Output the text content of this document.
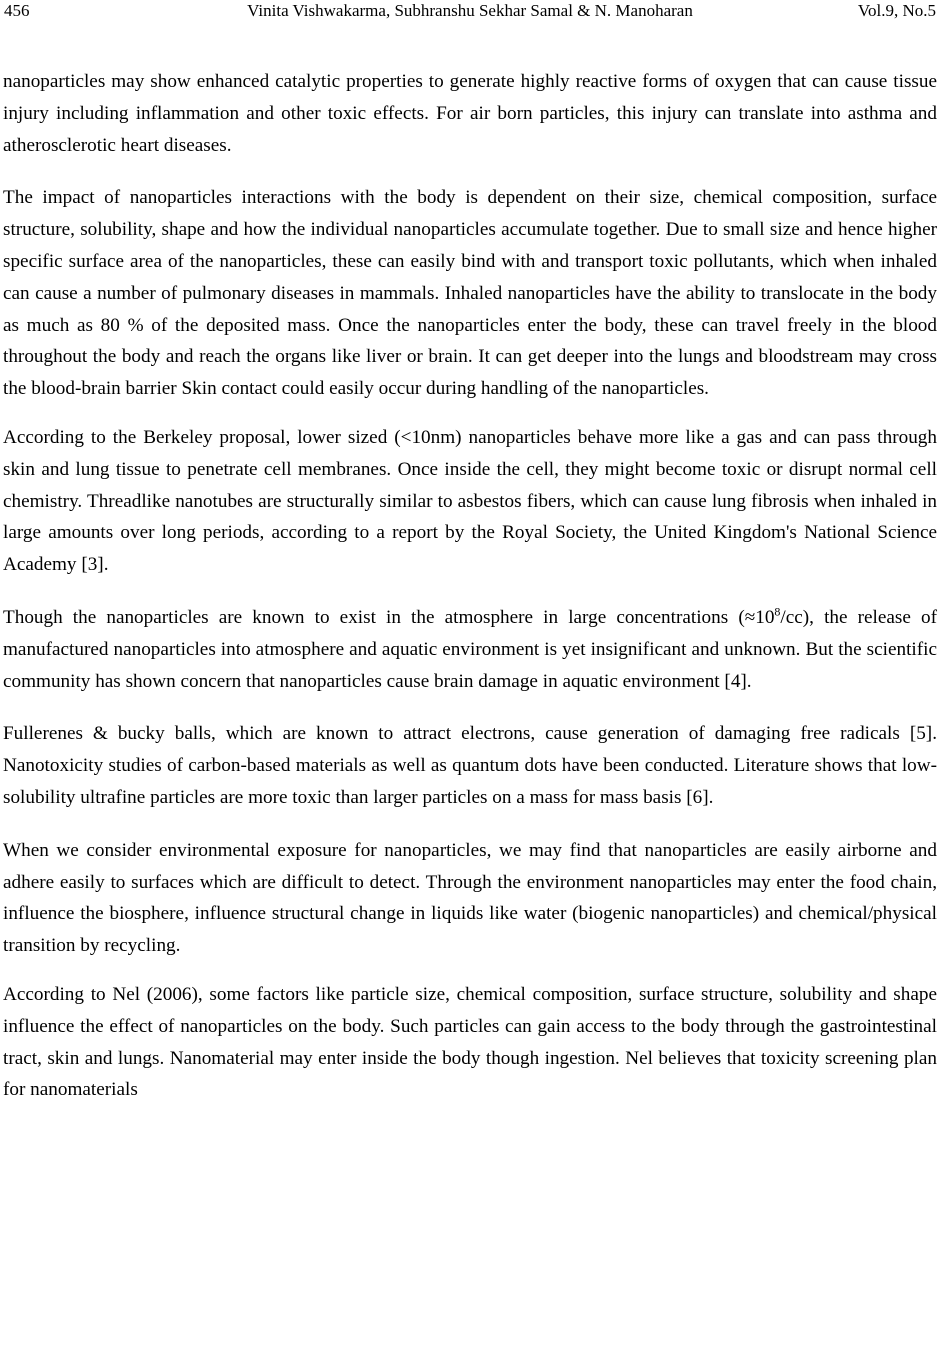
456	Vinita Vishwakarma, Subhranshu Sekhar Samal & N. Manoharan	Vol.9, No.5

nanoparticles may show enhanced catalytic properties to generate highly reactive forms of oxygen that can cause tissue injury including inflammation and other toxic effects. For air born particles, this injury can translate into asthma and atherosclerotic heart diseases.

The impact of nanoparticles interactions with the body is dependent on their size, chemical composition, surface structure, solubility, shape and how the individual nanoparticles accumulate together. Due to small size and hence higher specific surface area of the nanoparticles, these can easily bind with and transport toxic pollutants, which when inhaled can cause a number of pulmonary diseases in mammals. Inhaled nanoparticles have the ability to translocate in the body as much as 80 % of the deposited mass. Once the nanoparticles enter the body, these can travel freely in the blood throughout the body and reach the organs like liver or brain. It can get deeper into the lungs and bloodstream may cross the blood-brain barrier Skin contact could easily occur during handling of the nanoparticles.

According to the Berkeley proposal, lower sized (<10nm) nanoparticles behave more like a gas and can pass through skin and lung tissue to penetrate cell membranes. Once inside the cell, they might become toxic or disrupt normal cell chemistry. Threadlike nanotubes are structurally similar to asbestos fibers, which can cause lung fibrosis when inhaled in large amounts over long periods, according to a report by the Royal Society, the United Kingdom's National Science Academy [3].

Though the nanoparticles are known to exist in the atmosphere in large concentrations $(\approx 10^8/cc)$, the release of manufactured nanoparticles into atmosphere and aquatic environment is yet insignificant and unknown. But the scientific community has shown concern that nanoparticles cause brain damage in aquatic environment [4].

Fullerenes & bucky balls, which are known to attract electrons, cause generation of damaging free radicals [5]. Nanotoxicity studies of carbon-based materials as well as quantum dots have been conducted. Literature shows that low-solubility ultrafine particles are more toxic than larger particles on a mass for mass basis [6].

When we consider environmental exposure for nanoparticles, we may find that nanoparticles are easily airborne and adhere easily to surfaces which are difficult to detect. Through the environment nanoparticles may enter the food chain, influence the biosphere, influence structural change in liquids like water (biogenic nanoparticles) and chemical/physical transition by recycling.

According to Nel (2006), some factors like particle size, chemical composition, surface structure, solubility and shape influence the effect of nanoparticles on the body. Such particles can gain access to the body through the gastrointestinal tract, skin and lungs. Nanomaterial may enter inside the body though ingestion. Nel believes that toxicity screening plan for nanomaterials
